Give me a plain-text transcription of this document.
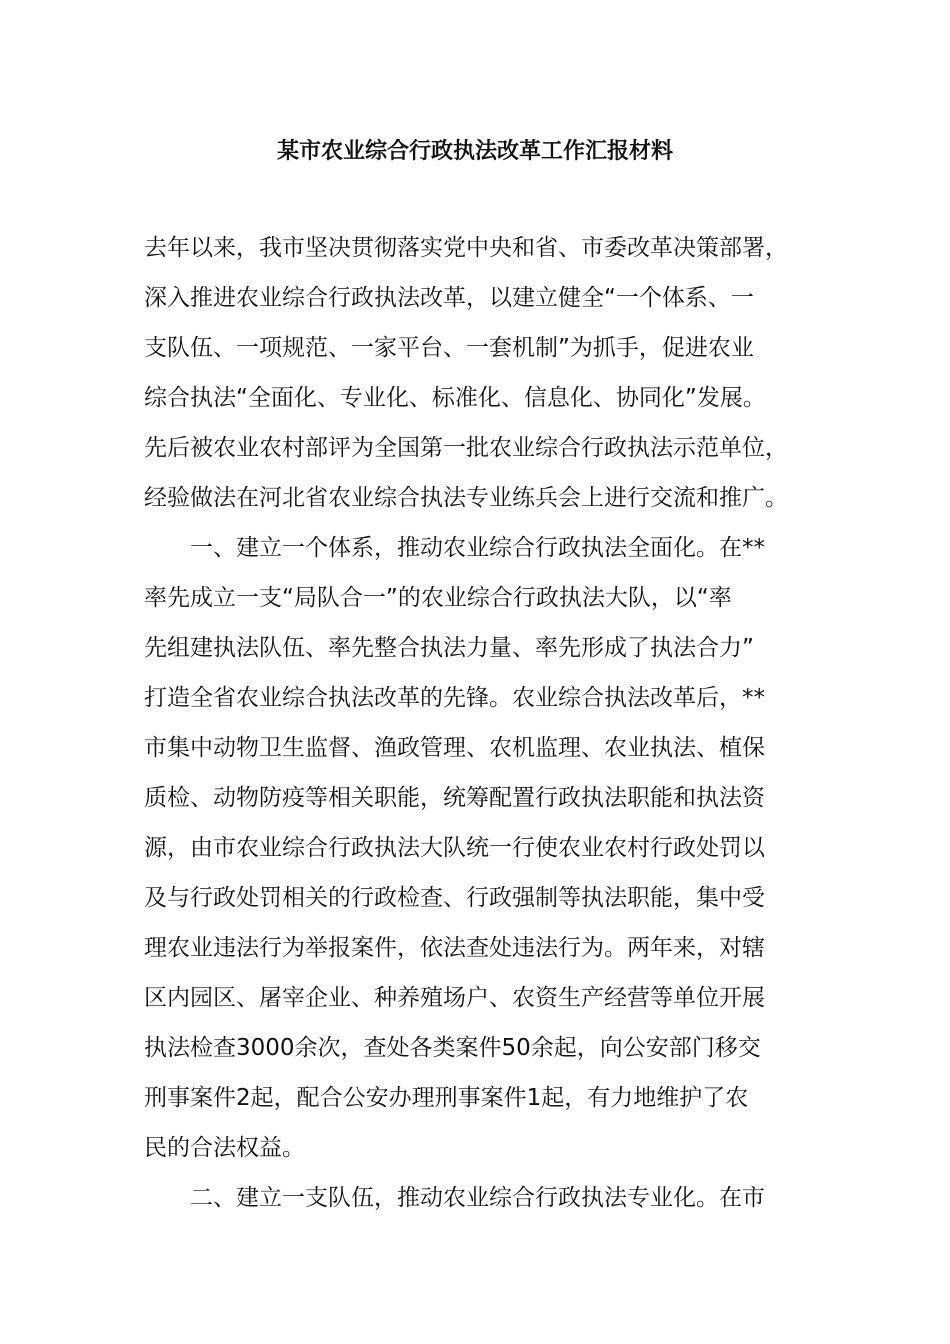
某市农业综合行政执法改革工作汇报材料

去年以来，我市坚决贯彻落实党中央和省、市委改革决策部署，

深入推进农业综合行政执法改革，以建立健全“一个体系、一

支队伍、一项规范、一家平台、一套机制”为抓手，促进农业

综合执法“全面化、专业化、标准化、信息化、协同化”发展。

先后被农业农村部评为全国第一批农业综合行政执法示范单位，

经验做法在河北省农业综合执法专业练兵会上进行交流和推广。

一、建立一个体系，推动农业综合行政执法全面化。在**

率先成立一支“局队合一”的农业综合行政执法大队，以“率

先组建执法队伍、率先整合执法力量、率先形成了执法合力”

打造全省农业综合执法改革的先锋。农业综合执法改革后，**

市集中动物卫生监督、渔政管理、农机监理、农业执法、植保

质检、动物防疫等相关职能，统筹配置行政执法职能和执法资

源，由市农业综合行政执法大队统一行使农业农村行政处罚以

及与行政处罚相关的行政检查、行政强制等执法职能，集中受

理农业违法行为举报案件，依法查处违法行为。两年来，对辖

区内园区、屠宰企业、种养殖场户、农资生产经营等单位开展

执法检查3000余次，查处各类案件50余起，向公安部门移交

刑事案件2起，配合公安办理刑事案件1起，有力地维护了农

民的合法权益。

二、建立一支队伍，推动农业综合行政执法专业化。在市
